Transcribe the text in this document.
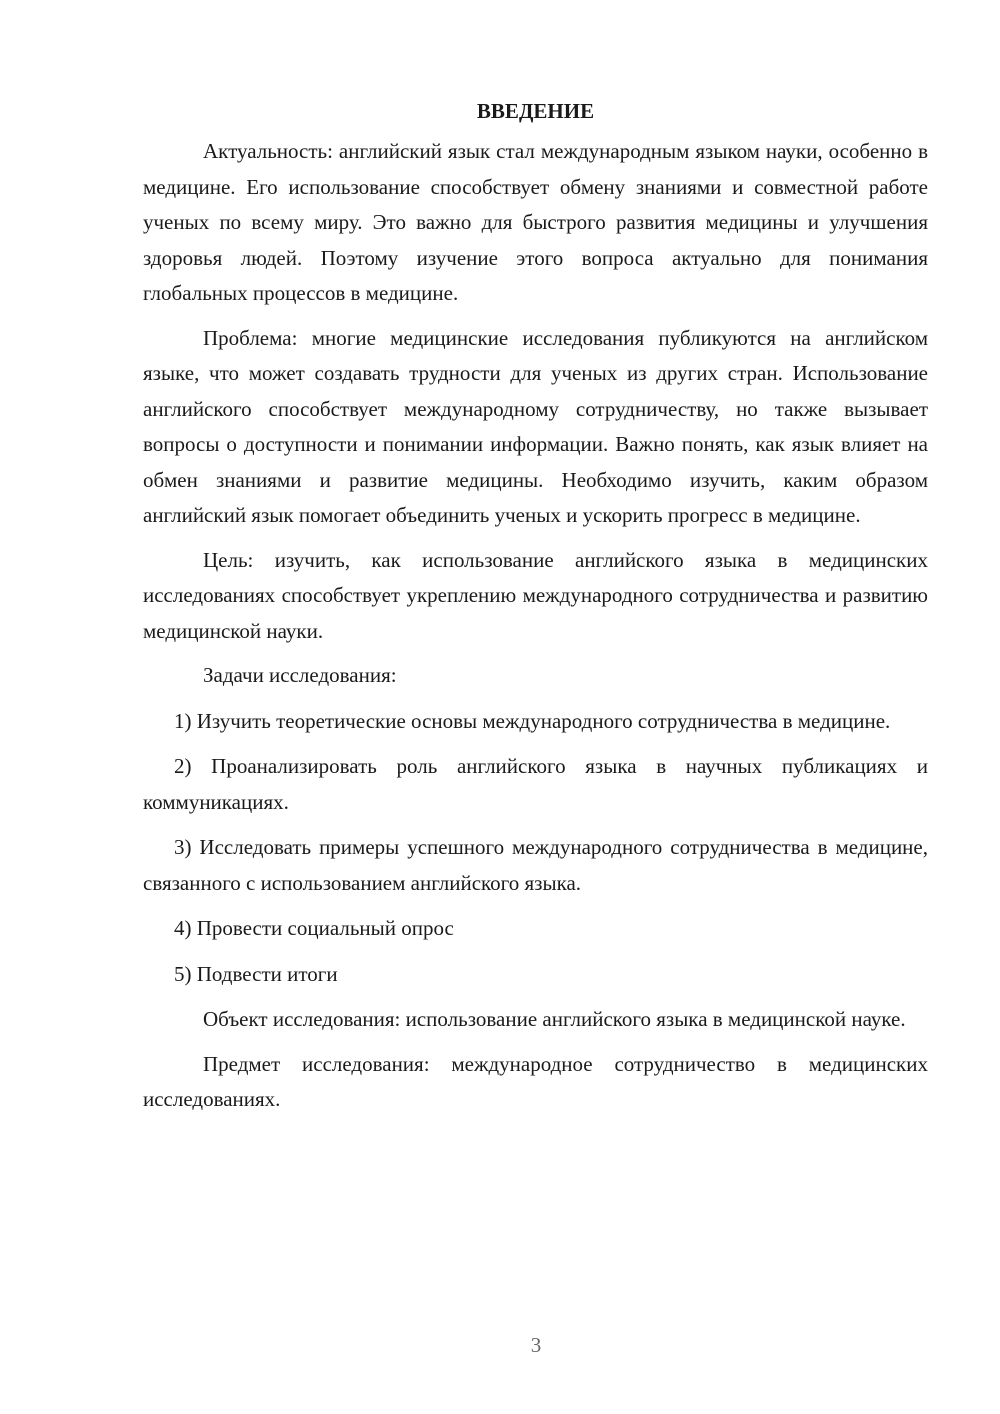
ВВЕДЕНИЕ

Актуальность: английский язык стал международным языком науки, особенно в медицине. Его использование способствует обмену знаниями и совместной работе ученых по всему миру. Это важно для быстрого развития медицины и улучшения здоровья людей. Поэтому изучение этого вопроса актуально для понимания глобальных процессов в медицине.

Проблема: многие медицинские исследования публикуются на английском языке, что может создавать трудности для ученых из других стран. Использование английского способствует международному сотрудничеству, но также вызывает вопросы о доступности и понимании информации. Важно понять, как язык влияет на обмен знаниями и развитие медицины. Необходимо изучить, каким образом английский язык помогает объединить ученых и ускорить прогресс в медицине.

Цель: изучить, как использование английского языка в медицинских исследованиях способствует укреплению международного сотрудничества и развитию медицинской науки.

Задачи исследования:

1) Изучить теоретические основы международного сотрудничества в медицине.

2) Проанализировать роль английского языка в научных публикациях и коммуникациях.

3) Исследовать примеры успешного международного сотрудничества в медицине, связанного с использованием английского языка.

4) Провести социальный опрос

5) Подвести итоги

Объект исследования: использование английского языка в медицинской науке.

Предмет исследования: международное сотрудничество в медицинских исследованиях.

3
